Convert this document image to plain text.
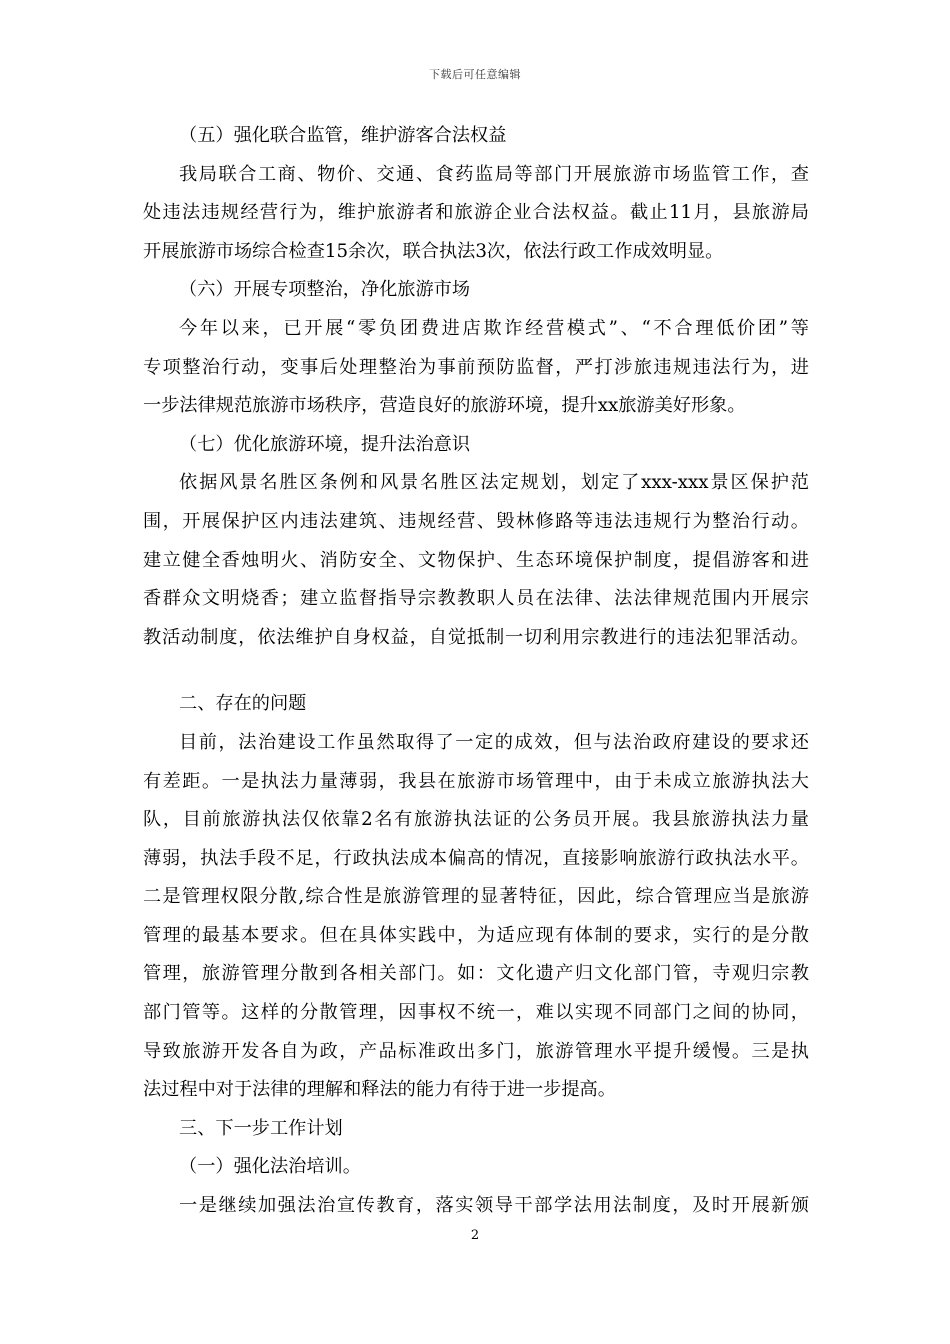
下载后可任意编辑
（五）强化联合监管，维护游客合法权益
我局联合工商、物价、交通、食药监局等部门开展旅游市场监管工作，查
处违法违规经营行为，维护旅游者和旅游企业合法权益。截止11月，县旅游局
开展旅游市场综合检查15余次，联合执法3次，依法行政工作成效明显。
（六）开展专项整治，净化旅游市场
今年以来，已开展“零负团费进店欺诈经营模式”、“不合理低价团”等
专项整治行动，变事后处理整治为事前预防监督，严打涉旅违规违法行为，进
一步法律规范旅游市场秩序，营造良好的旅游环境，提升xx旅游美好形象。
（七）优化旅游环境，提升法治意识
依据风景名胜区条例和风景名胜区法定规划，划定了xxx-xxx景区保护范
围，开展保护区内违法建筑、违规经营、毁林修路等违法违规行为整治行动。
建立健全香烛明火、消防安全、文物保护、生态环境保护制度，提倡游客和进
香群众文明烧香；建立监督指导宗教教职人员在法律、法法律规范围内开展宗
教活动制度，依法维护自身权益，自觉抵制一切利用宗教进行的违法犯罪活动。
二、存在的问题
目前，法治建设工作虽然取得了一定的成效，但与法治政府建设的要求还
有差距。一是执法力量薄弱，我县在旅游市场管理中，由于未成立旅游执法大
队，目前旅游执法仅依靠2名有旅游执法证的公务员开展。我县旅游执法力量
薄弱，执法手段不足，行政执法成本偏高的情况，直接影响旅游行政执法水平。
二是管理权限分散,综合性是旅游管理的显著特征，因此，综合管理应当是旅游
管理的最基本要求。但在具体实践中，为适应现有体制的要求，实行的是分散
管理，旅游管理分散到各相关部门。如：文化遗产归文化部门管，寺观归宗教
部门管等。这样的分散管理，因事权不统一，难以实现不同部门之间的协同，
导致旅游开发各自为政，产品标准政出多门，旅游管理水平提升缓慢。三是执
法过程中对于法律的理解和释法的能力有待于进一步提高。
三、下一步工作计划
（一）强化法治培训。
一是继续加强法治宣传教育，落实领导干部学法用法制度，及时开展新颁
2
